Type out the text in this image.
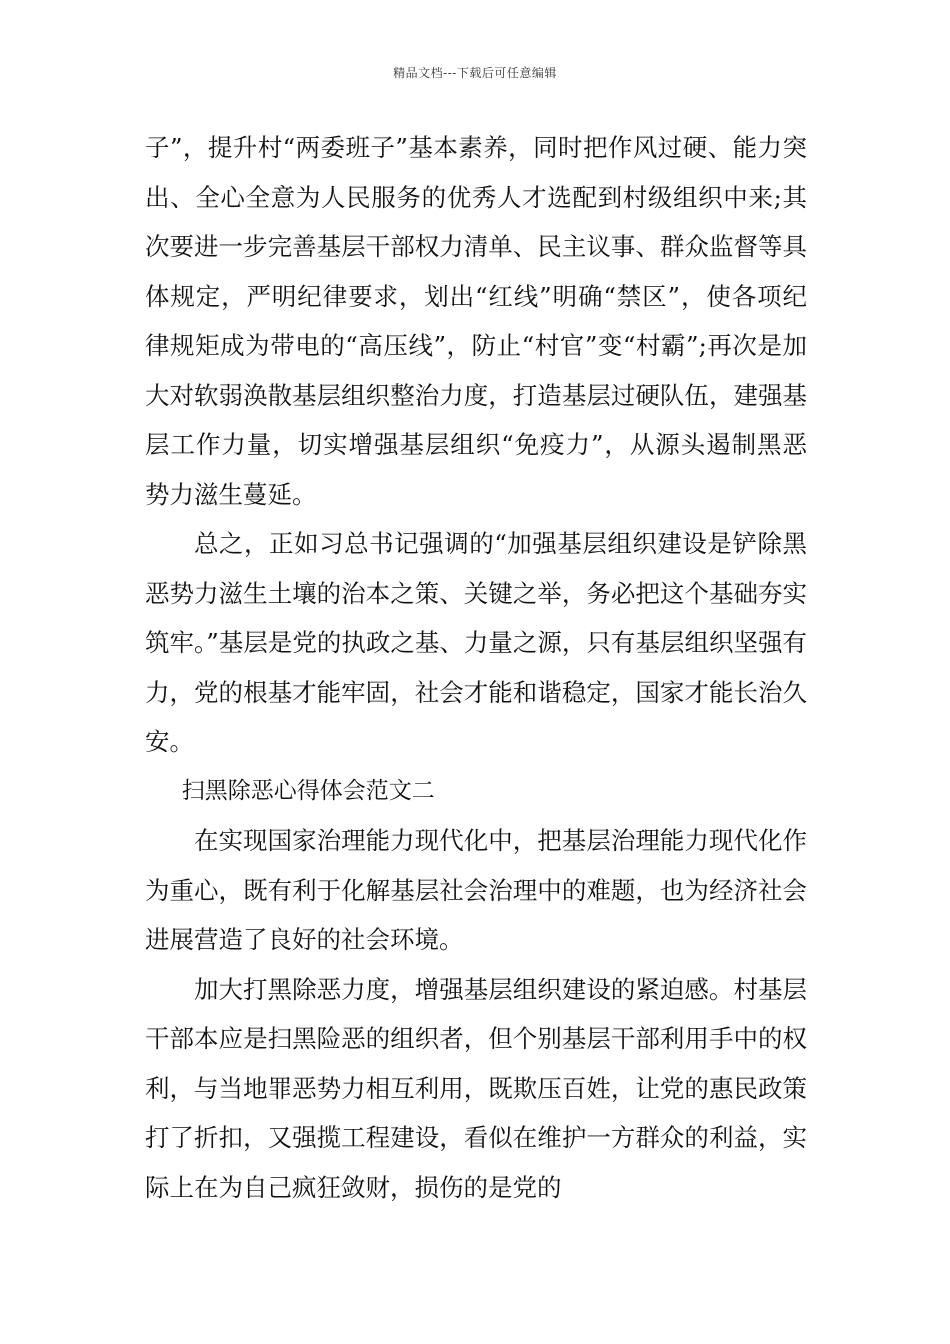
精品文档---下载后可任意编辑

子”，提升村“两委班子”基本素养，同时把作风过硬、能力突出、全心全意为人民服务的优秀人才选配到村级组织中来;其次要进一步完善基层干部权力清单、民主议事、群众监督等具体规定，严明纪律要求，划出“红线”明确“禁区”，使各项纪律规矩成为带电的“高压线”，防止“村官”变“村霸”;再次是加大对软弱涣散基层组织整治力度，打造基层过硬队伍，建强基层工作力量，切实增强基层组织“免疫力”，从源头遏制黑恶势力滋生蔓延。

总之，正如习总书记强调的“加强基层组织建设是铲除黑恶势力滋生土壤的治本之策、关键之举，务必把这个基础夯实筑牢。”基层是党的执政之基、力量之源，只有基层组织坚强有力，党的根基才能牢固，社会才能和谐稳定，国家才能长治久安。

扫黑除恶心得体会范文二

在实现国家治理能力现代化中，把基层治理能力现代化作为重心，既有利于化解基层社会治理中的难题，也为经济社会进展营造了良好的社会环境。

加大打黑除恶力度，增强基层组织建设的紧迫感。村基层干部本应是扫黑险恶的组织者，但个别基层干部利用手中的权利，与当地罪恶势力相互利用，既欺压百姓，让党的惠民政策打了折扣，又强揽工程建设，看似在维护一方群众的利益，实际上在为自己疯狂敛财，损伤的是党的
